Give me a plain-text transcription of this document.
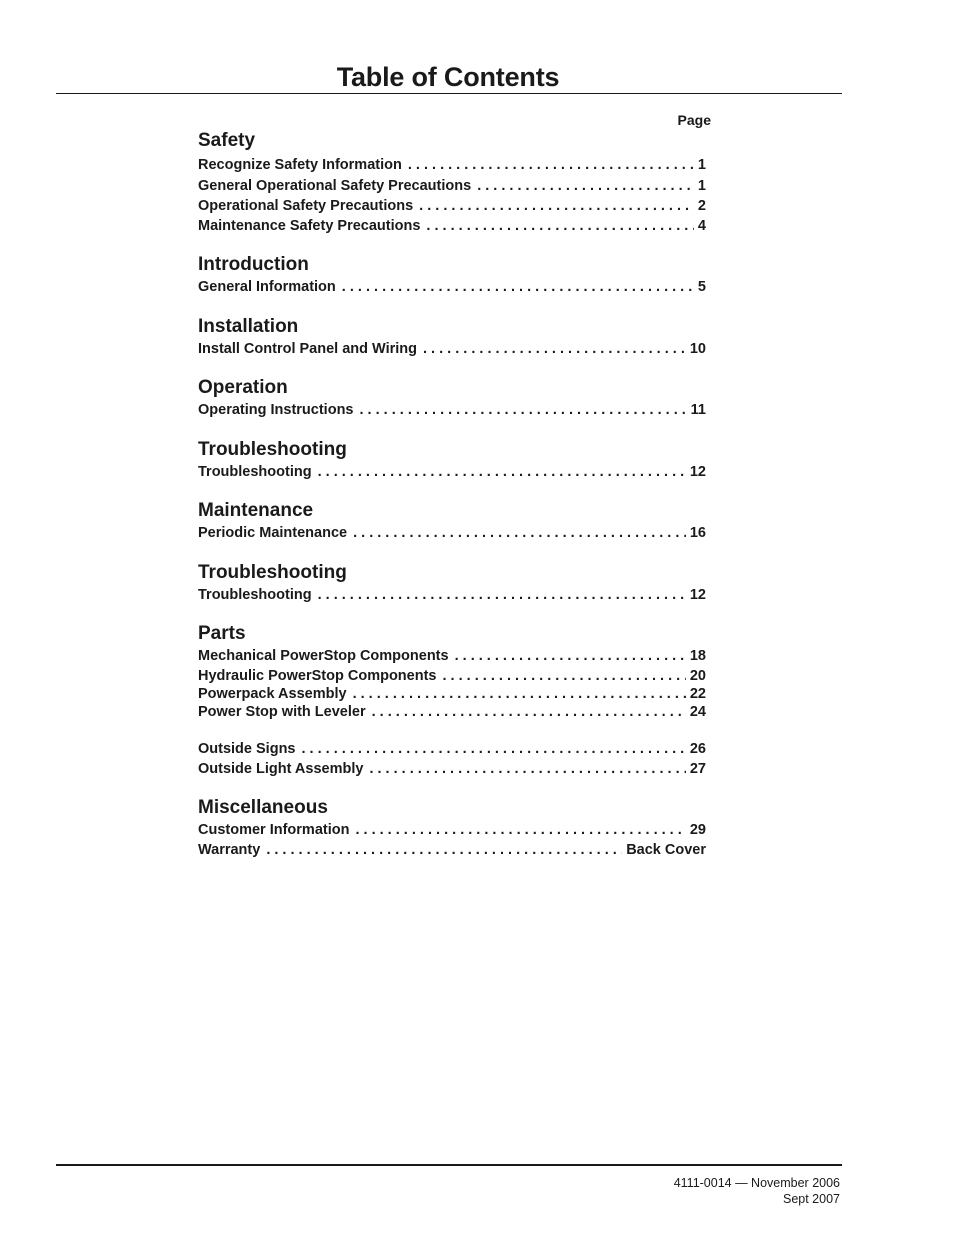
Table of Contents
Page
Safety
Recognize Safety Information . . .	1
General Operational Safety Precautions . . .	1
Operational Safety Precautions . . .	2
Maintenance Safety Precautions . . .	4
Introduction
General Information . . .	5
Installation
Install Control Panel and Wiring . . .	10
Operation
Operating Instructions . . .	11
Troubleshooting
Troubleshooting . . .	12
Maintenance
Periodic Maintenance . . .	16
Troubleshooting
Troubleshooting . . .	12
Parts
Mechanical PowerStop Components . . .	18
Hydraulic PowerStop Components . . .	20
Powerpack Assembly . . .	22
Power Stop with Leveler . . .	24
Outside Signs . . .	26
Outside Light Assembly . . .	27
Miscellaneous
Customer Information . . .	29
Warranty . . .	Back Cover
4111-0014 — November 2006
Sept 2007
